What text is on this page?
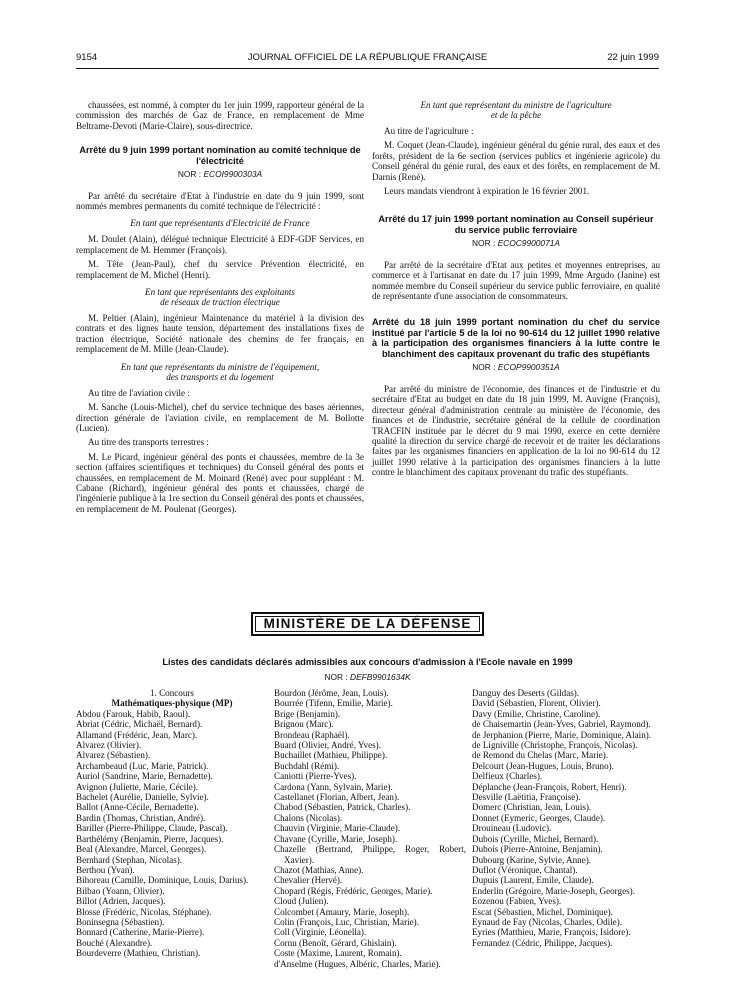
9154	JOURNAL OFFICIEL DE LA RÉPUBLIQUE FRANÇAISE	22 juin 1999

chaussées, est nommé, à compter du 1er juin 1999, rapporteur général de la commission des marchés de Gaz de France, en remplacement de Mme Beltrame-Devoti (Marie-Claire), sous-directrice.

Arrêté du 9 juin 1999 portant nomination au comité technique de l'électricité
NOR : ECOI9900303A

Par arrêté du secrétaire d'Etat à l'industrie en date du 9 juin 1999, sont nommés membres permanents du comité technique de l'électricité :

En tant que représentants d'Electricité de France

M. Doulet (Alain), délégué technique Electricité à EDF-GDF Services, en remplacement de M. Hemmer (François).

M. Tête (Jean-Paul), chef du service Prévention électricité, en remplacement de M. Michel (Henri).

En tant que représentants des exploitants
de réseaux de traction électrique

M. Peltier (Alain), ingénieur Maintenance du matériel à la division des contrats et des lignes haute tension, département des installations fixes de traction électrique, Société nationale des chemins de fer français, en remplacement de M. Mille (Jean-Claude).

En tant que représentants du ministre de l'équipement,
des transports et du logement

Au titre de l'aviation civile :

M. Sanche (Louis-Michel), chef du service technique des bases aériennes, direction générale de l'aviation civile, en remplacement de M. Bollotte (Lucien).

Au titre des transports terrestres :

M. Le Picard, ingénieur général des ponts et chaussées, membre de la 3e section (affaires scientifiques et techniques) du Conseil général des ponts et chaussées, en remplacement de M. Moinard (René) avec pour suppléant : M. Cabane (Richard), ingénieur général des ponts et chaussées, chargé de l'ingénierie publique à la 1re section du Conseil général des ponts et chaussées, en remplacement de M. Poulenat (Georges).

En tant que représentant du ministre de l'agriculture
et de la pêche

Au titre de l'agriculture :

M. Coquet (Jean-Claude), ingénieur général du génie rural, des eaux et des forêts, président de la 6e section (services publics et ingénierie agricole) du Conseil général du génie rural, des eaux et des forêts, en remplacement de M. Darnis (René).

Leurs mandats viendront à expiration le 16 février 2001.

Arrêté du 17 juin 1999 portant nomination au Conseil supérieur du service public ferroviaire
NOR : ECOC9900071A

Par arrêté de la secrétaire d'Etat aux petites et moyennes entreprises, au commerce et à l'artisanat en date du 17 juin 1999, Mme Argudo (Janine) est nommée membre du Conseil supérieur du service public ferroviaire, en qualité de représentante d'une association de consommateurs.

Arrêté du 18 juin 1999 portant nomination du chef du service institué par l'article 5 de la loi no 90-614 du 12 juillet 1990 relative à la participation des organismes financiers à la lutte contre le blanchiment des capitaux provenant du trafic des stupéfiants
NOR : ECOP9900351A

Par arrêté du ministre de l'économie, des finances et de l'industrie et du secrétaire d'Etat au budget en date du 18 juin 1999, M. Auvigne (François), directeur général d'administration centrale au ministère de l'économie, des finances et de l'industrie, secrétaire général de la cellule de coordination TRACFIN instituée par le décret du 9 mai 1990, exerce en cette dernière qualité la direction du service chargé de recevoir et de traiter les déclarations faites par les organismes financiers en application de la loi no 90-614 du 12 juillet 1990 relative à la participation des organismes financiers à la lutte contre le blanchiment des capitaux provenant du trafic des stupéfiants.

MINISTÈRE DE LA DÉFENSE
Listes des candidats déclarés admissibles aux concours d'admission à l'Ecole navale en 1999
NOR : DEFB9901634K
1. Concours
Mathématiques-physique (MP)
Abdou (Farouk, Habib, Raoul).
Abriat (Cédric, Michaël, Bernard).
Allamand (Frédéric, Jean, Marc).
Alvarez (Olivier).
Alvarez (Sébastien).
Archambeaud (Luc, Marie, Patrick).
Auriol (Sandrine, Marie, Bernadette).
Avignon (Juliette, Marie, Cécile).
Bachelet (Aurélie, Danielle, Sylvie).
Ballot (Anne-Cécile, Bernadette).
Bardin (Thomas, Christian, André).
Bariller (Pierre-Philippe, Claude, Pascal).
Barthélémy (Benjamin, Pierre, Jacques).
Beal (Alexandre, Marcel, Georges).
Bernhard (Stephan, Nicolas).
Berthou (Yvan).
Bihoreau (Camille, Dominique, Louis, Darius).
Bilbao (Yoann, Olivier).
Billot (Adrien, Jacques).
Blosse (Frédéric, Nicolas, Stéphane).
Boninsegna (Sébastien).
Bonnard (Catherine, Marie-Pierre).
Bouché (Alexandre).
Bourdeverre (Mathieu, Christian).
Bourdon (Jérôme, Jean, Louis).
Bourrée (Tifenn, Emilie, Marie).
Brige (Benjamin).
Brignou (Marc).
Brondeau (Raphaël).
Buard (Olivier, André, Yves).
Buchaillet (Mathieu, Philippe).
Buchdahl (Rémi).
Caniotti (Pierre-Yves).
Cardona (Yann, Sylvain, Marie).
Castellanet (Florian, Albert, Jean).
Chabod (Sébastien, Patrick, Charles).
Chalons (Nicolas).
Chauvin (Virginie, Marie-Claude).
Chavane (Cyrille, Marie, Joseph).
Chazelle (Bertrand, Philippe, Roger, Robert, Xavier).
Chazot (Mathias, Anne).
Chevalier (Hervé).
Chopard (Régis, Frédéric, Georges, Marie).
Cloud (Julien).
Colcombet (Amaury, Marie, Joseph).
Colin (François, Luc, Christian, Marie).
Coll (Virginie, Léonella).
Cornu (Benoît, Gérard, Ghislain).
Coste (Maxime, Laurent, Romain).
d'Anselme (Hugues, Albéric, Charles, Marie).
Danguy des Deserts (Gildas).
David (Sébastien, Florent, Olivier).
Davy (Emilie, Christine, Caroline).
de Chaisemartin (Jean-Yves, Gabriel, Raymond).
de Jerphanion (Pierre, Marie, Dominique, Alain).
de Ligniville (Christophe, François, Nicolas).
de Remond du Chelas (Marc, Marie).
Delcourt (Jean-Hugues, Louis, Bruno).
Delfieux (Charles).
Déplanche (Jean-François, Robert, Henri).
Desville (Laëtitia, Françoise).
Domerc (Christian, Jean, Louis).
Donnet (Eymeric, Georges, Claude).
Drouineau (Ludovic).
Dubois (Cyrille, Michel, Bernard).
Dubois (Pierre-Antoine, Benjamin).
Dubourg (Karine, Sylvie, Anne).
Duflot (Véronique, Chantal).
Dupuis (Laurent, Emile, Claude).
Enderlin (Grégoire, Marie-Joseph, Georges).
Eozenou (Fabien, Yves).
Escat (Sébastien, Michel, Dominique).
Eynaud de Fay (Nicolas, Charles, Odile).
Eyries (Matthieu, Marie, François, Isidore).
Fernandez (Cédric, Philippe, Jacques).
